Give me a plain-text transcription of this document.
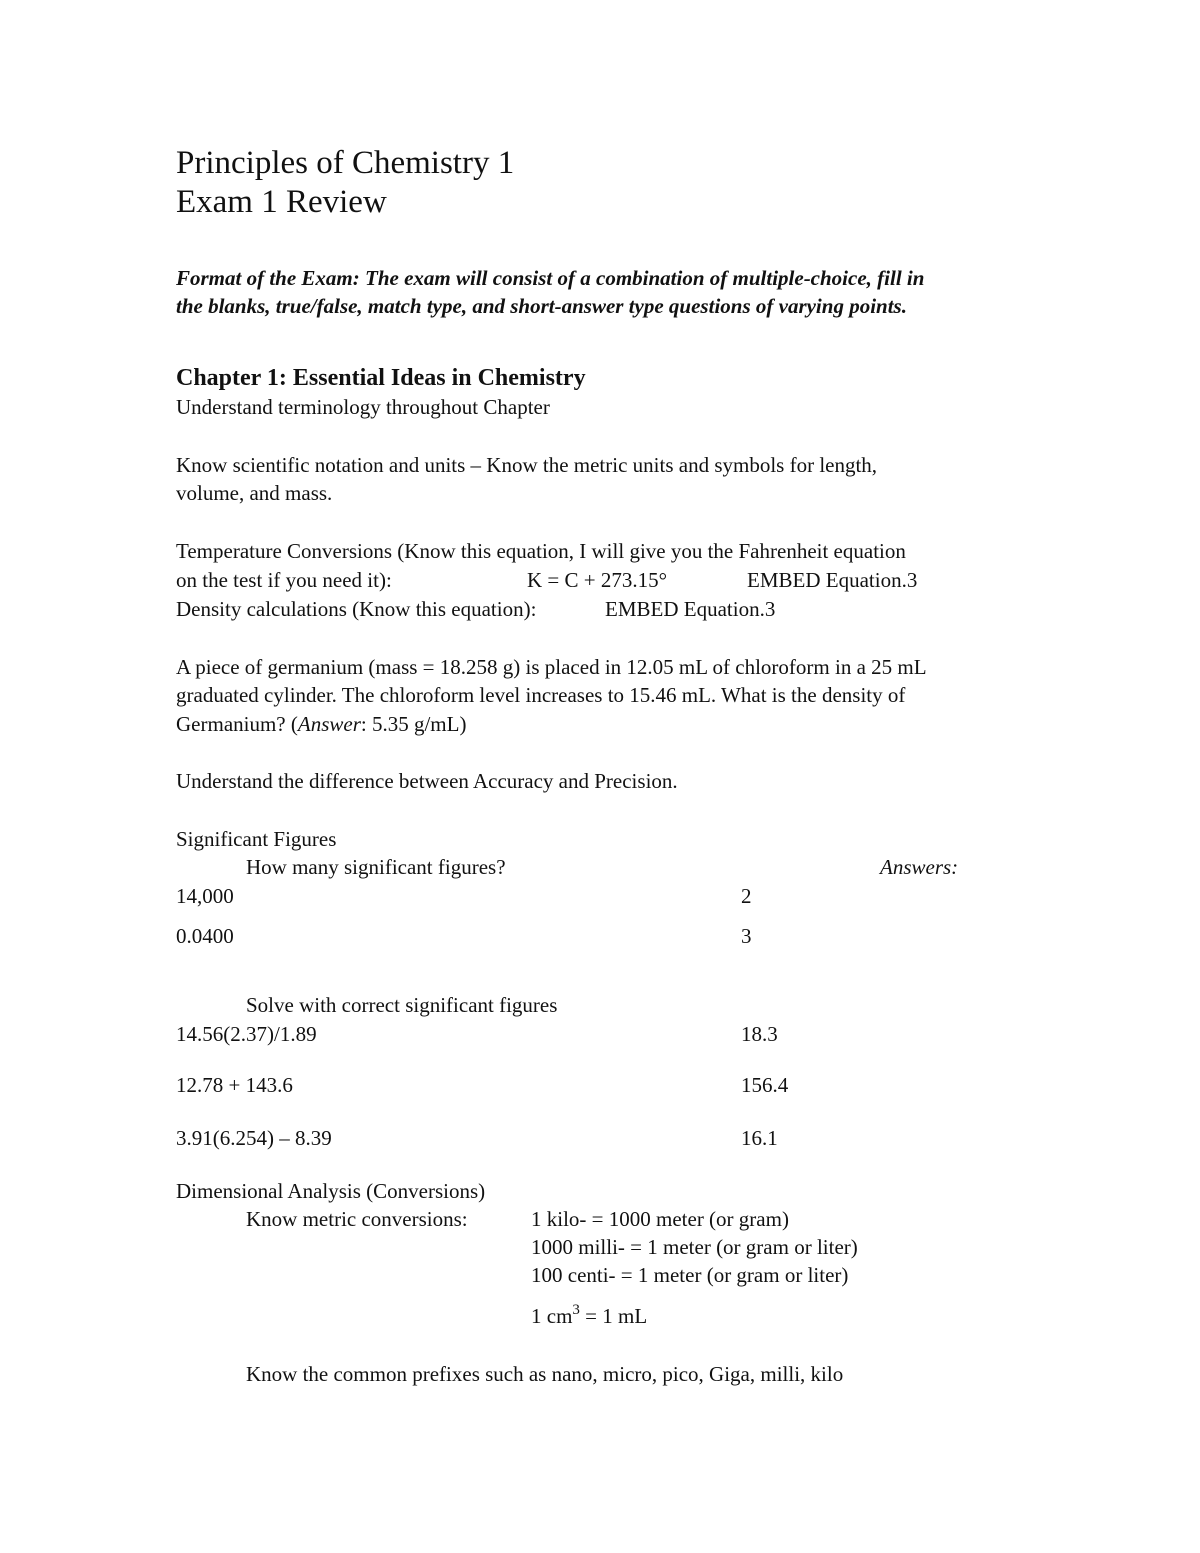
Principles of Chemistry 1
Exam 1 Review
Format of the Exam: The exam will consist of a combination of multiple-choice, fill in
the blanks, true/false, match type, and short-answer type questions of varying points.
Chapter 1: Essential Ideas in Chemistry
Understand terminology throughout Chapter
Know scientific notation and units – Know the metric units and symbols for length,
volume, and mass.
Temperature Conversions (Know this equation, I will give you the Fahrenheit equation
on the test if you need it):	K = C + 273.15°	EMBED Equation.3
Density calculations (Know this equation):	EMBED Equation.3
A piece of germanium (mass = 18.258 g) is placed in 12.05 mL of chloroform in a 25 mL
graduated cylinder. The chloroform level increases to 15.46 mL. What is the density of
Germanium? (Answer: 5.35 g/mL)
Understand the difference between Accuracy and Precision.
Significant Figures
How many significant figures?	Answers:
14,000	2
0.0400	3
Solve with correct significant figures
14.56(2.37)/1.89	18.3
12.78 + 143.6	156.4
3.91(6.254) – 8.39	16.1
Dimensional Analysis (Conversions)
Know metric conversions:	1 kilo- = 1000 meter (or gram)
1000 milli- = 1 meter (or gram or liter)
100 centi- = 1 meter (or gram or liter)
1 $cm^3 = 1$ mL
Know the common prefixes such as nano, micro, pico, Giga, milli, kilo
